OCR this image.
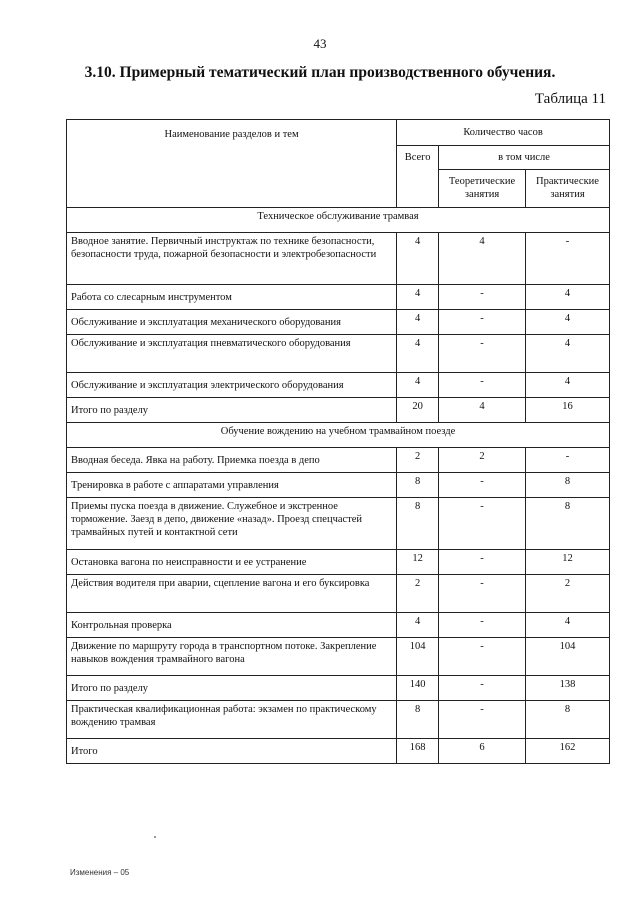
43
3.10. Примерный тематический план производственного обучения.
Таблица 11
Наименование разделов и тем	Количество часов		
	Всего	в том числе	
		Теоретические занятия	Практические занятия
Техническое обслуживание трамвая			
Вводное занятие. Первичный инструктаж по технике безопасности, безопасности труда, пожарной безопасности и электробезопасности	4	4	-
Работа со слесарным инструментом	4	-	4
Обслуживание и эксплуатация механического оборудования	4	-	4
Обслуживание и эксплуатация пневматического оборудования	4	-	4
Обслуживание и эксплуатация электрического оборудования	4	-	4
Итого по разделу	20	4	16
Обучение вождению на учебном трамвайном поезде			
Вводная беседа. Явка на работу. Приемка поезда в депо	2	2	-
Тренировка в работе с аппаратами управления	8	-	8
Приемы пуска поезда в движение. Служебное и экстренное торможение. Заезд в депо, движение «назад». Проезд спецчастей трамвайных путей и контактной сети	8	-	8
Остановка вагона по неисправности и ее устранение	12	-	12
Действия водителя при аварии, сцепление вагона и его буксировка	2	-	2
Контрольная проверка	4	-	4
Движение по маршруту города в транспортном потоке. Закрепление навыков вождения трамвайного вагона	104	-	104
Итого по разделу	140	-	138
Практическая квалификационная работа: экзамен по практическому вождению трамвая	8	-	8
Итого	168	6	162
Изменения – 05
